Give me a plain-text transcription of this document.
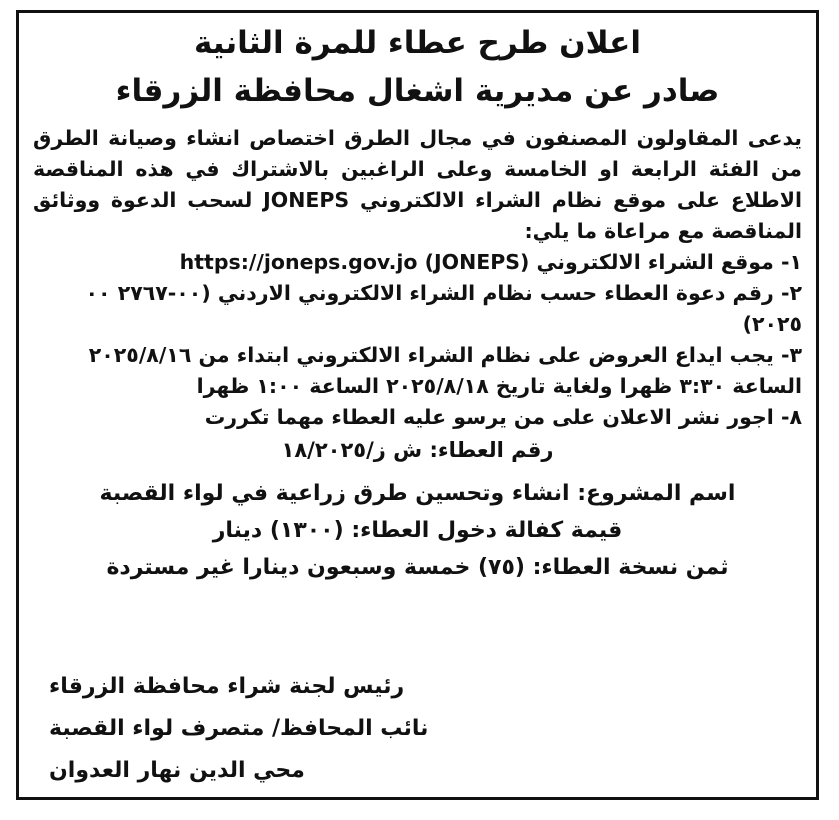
اعلان طرح عطاء للمرة الثانية
صادر عن مديرية اشغال محافظة الزرقاء

يدعى المقاولون المصنفون في مجال الطرق اختصاص انشاء وصيانة الطرق من الفئة الرابعة او الخامسة وعلى الراغبين بالاشتراك في هذه المناقصة الاطلاع على موقع نظام الشراء الالكتروني JONEPS لسحب الدعوة ووثائق المناقصة مع مراعاة ما يلي:

١- موقع الشراء الالكتروني (JONEPS) https://joneps.gov.jo

٢- رقم دعوة العطاء حسب نظام الشراء الالكتروني الاردني (٠٠-٢٧٦٧ ٠٠ ٢٠٢٥)

٣- يجب ايداع العروض على نظام الشراء الالكتروني ابتداء من ٢٠٢٥/٨/١٦ الساعة ٣:٣٠ ظهرا ولغاية تاريخ ٢٠٢٥/٨/١٨ الساعة ١:٠٠ ظهرا

٨- اجور نشر الاعلان على من يرسو عليه العطاء مهما تكررت

رقم العطاء: ش ز/١٨/٢٠٢٥

اسم المشروع: انشاء وتحسين طرق زراعية في لواء القصبة

قيمة كفالة دخول العطاء: (١٣٠٠) دينار

ثمن نسخة العطاء: (٧٥) خمسة وسبعون دينارا غير مستردة

رئيس لجنة شراء محافظة الزرقاء

نائب المحافظ/ متصرف لواء القصبة

محي الدين نهار العدوان
